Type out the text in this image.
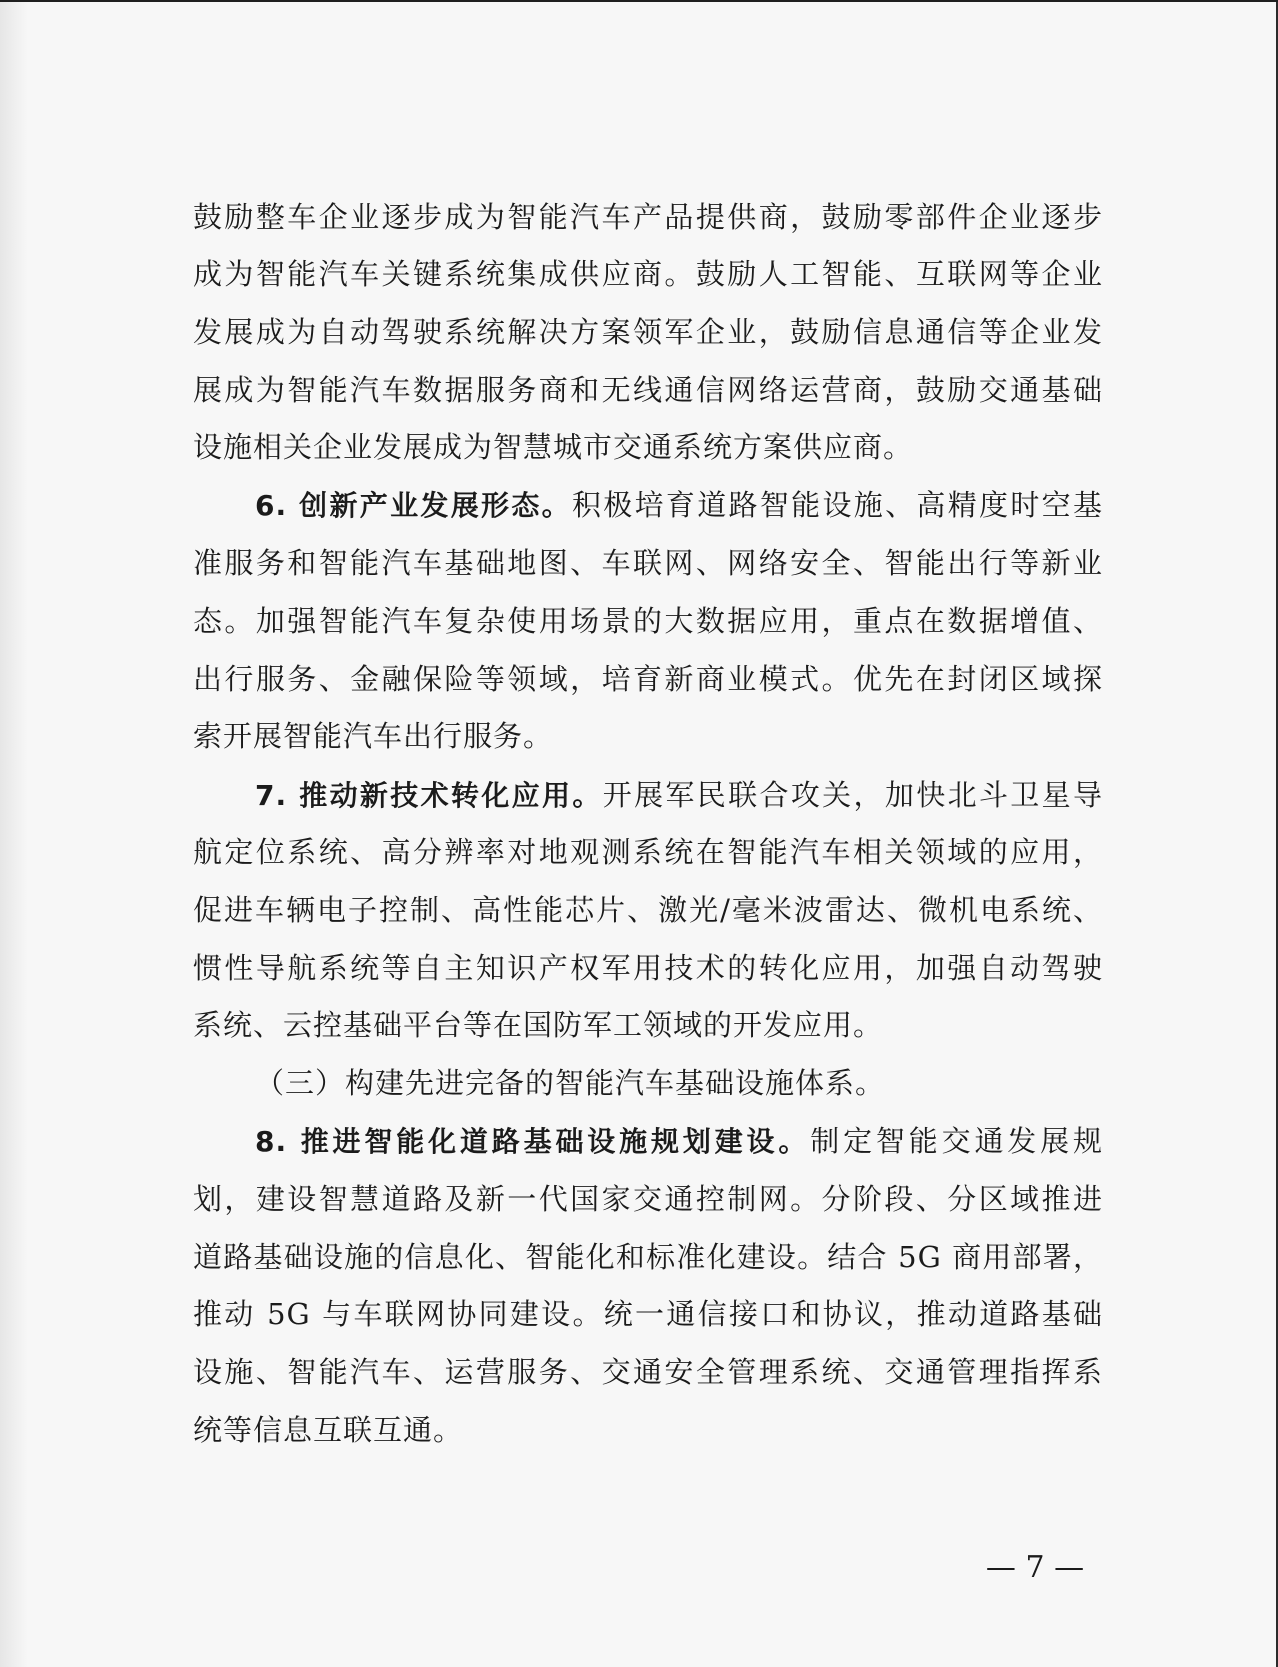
鼓励整车企业逐步成为智能汽车产品提供商，鼓励零部件企业逐步

成为智能汽车关键系统集成供应商。鼓励人工智能、互联网等企业

发展成为自动驾驶系统解决方案领军企业，鼓励信息通信等企业发

展成为智能汽车数据服务商和无线通信网络运营商，鼓励交通基础

设施相关企业发展成为智慧城市交通系统方案供应商。

6. 创新产业发展形态。积极培育道路智能设施、高精度时空基

准服务和智能汽车基础地图、车联网、网络安全、智能出行等新业

态。加强智能汽车复杂使用场景的大数据应用，重点在数据增值、

出行服务、金融保险等领域，培育新商业模式。优先在封闭区域探

索开展智能汽车出行服务。

7. 推动新技术转化应用。开展军民联合攻关，加快北斗卫星导

航定位系统、高分辨率对地观测系统在智能汽车相关领域的应用，

促进车辆电子控制、高性能芯片、激光/毫米波雷达、微机电系统、

惯性导航系统等自主知识产权军用技术的转化应用，加强自动驾驶

系统、云控基础平台等在国防军工领域的开发应用。

（三）构建先进完备的智能汽车基础设施体系。

8. 推进智能化道路基础设施规划建设。制定智能交通发展规

划，建设智慧道路及新一代国家交通控制网。分阶段、分区域推进

道路基础设施的信息化、智能化和标准化建设。结合 5G 商用部署，

推动 5G 与车联网协同建设。统一通信接口和协议，推动道路基础

设施、智能汽车、运营服务、交通安全管理系统、交通管理指挥系

统等信息互联互通。

— 7 —
